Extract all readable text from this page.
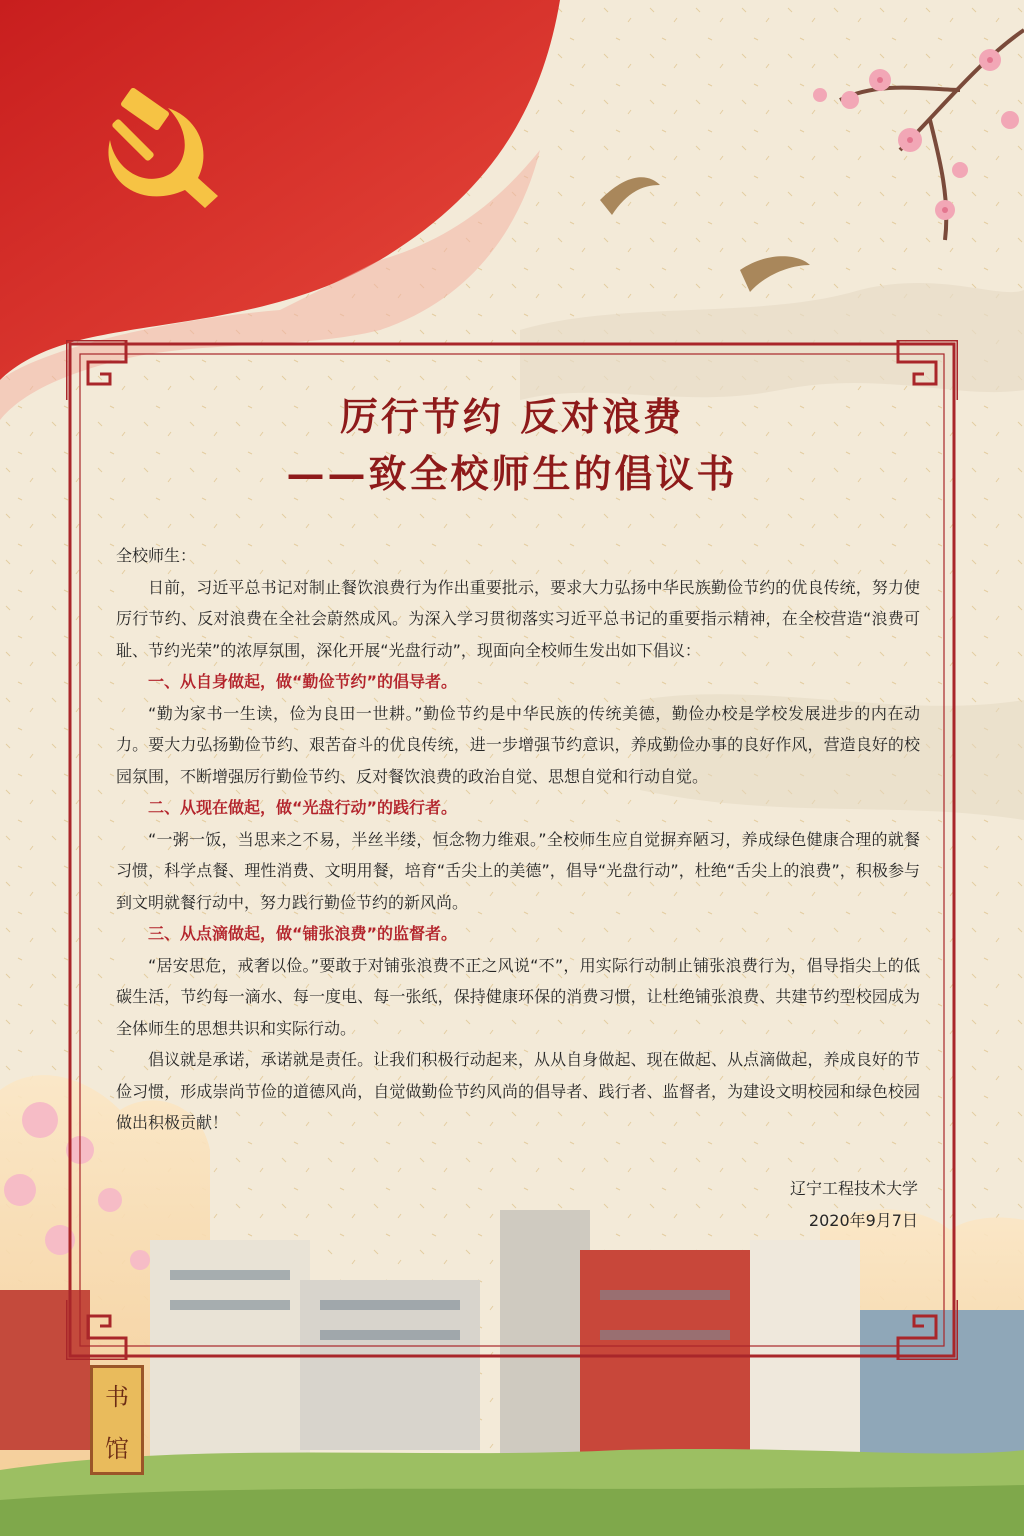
厉行节约 反对浪费
——致全校师生的倡议书

全校师生：

日前，习近平总书记对制止餐饮浪费行为作出重要批示，要求大力弘扬中华民族勤俭节约的优良传统，努力使厉行节约、反对浪费在全社会蔚然成风。为深入学习贯彻落实习近平总书记的重要指示精神，在全校营造“浪费可耻、节约光荣”的浓厚氛围，深化开展“光盘行动”，现面向全校师生发出如下倡议：

一、从自身做起，做“勤俭节约”的倡导者。

“勤为家书一生读，俭为良田一世耕。”勤俭节约是中华民族的传统美德，勤俭办校是学校发展进步的内在动力。要大力弘扬勤俭节约、艰苦奋斗的优良传统，进一步增强节约意识，养成勤俭办事的良好作风，营造良好的校园氛围，不断增强厉行勤俭节约、反对餐饮浪费的政治自觉、思想自觉和行动自觉。

二、从现在做起，做“光盘行动”的践行者。

“一粥一饭，当思来之不易，半丝半缕，恒念物力维艰。”全校师生应自觉摒弃陋习，养成绿色健康合理的就餐习惯，科学点餐、理性消费、文明用餐，培育“舌尖上的美德”，倡导“光盘行动”，杜绝“舌尖上的浪费”，积极参与到文明就餐行动中，努力践行勤俭节约的新风尚。

三、从点滴做起，做“铺张浪费”的监督者。

“居安思危，戒奢以俭。”要敢于对铺张浪费不正之风说“不”，用实际行动制止铺张浪费行为，倡导指尖上的低碳生活，节约每一滴水、每一度电、每一张纸，保持健康环保的消费习惯，让杜绝铺张浪费、共建节约型校园成为全体师生的思想共识和实际行动。

倡议就是承诺，承诺就是责任。让我们积极行动起来，从从自身做起、现在做起、从点滴做起，养成良好的节俭习惯，形成崇尚节俭的道德风尚，自觉做勤俭节约风尚的倡导者、践行者、监督者，为建设文明校园和绿色校园做出积极贡献！

辽宁工程技术大学
2020年9月7日
书
馆
